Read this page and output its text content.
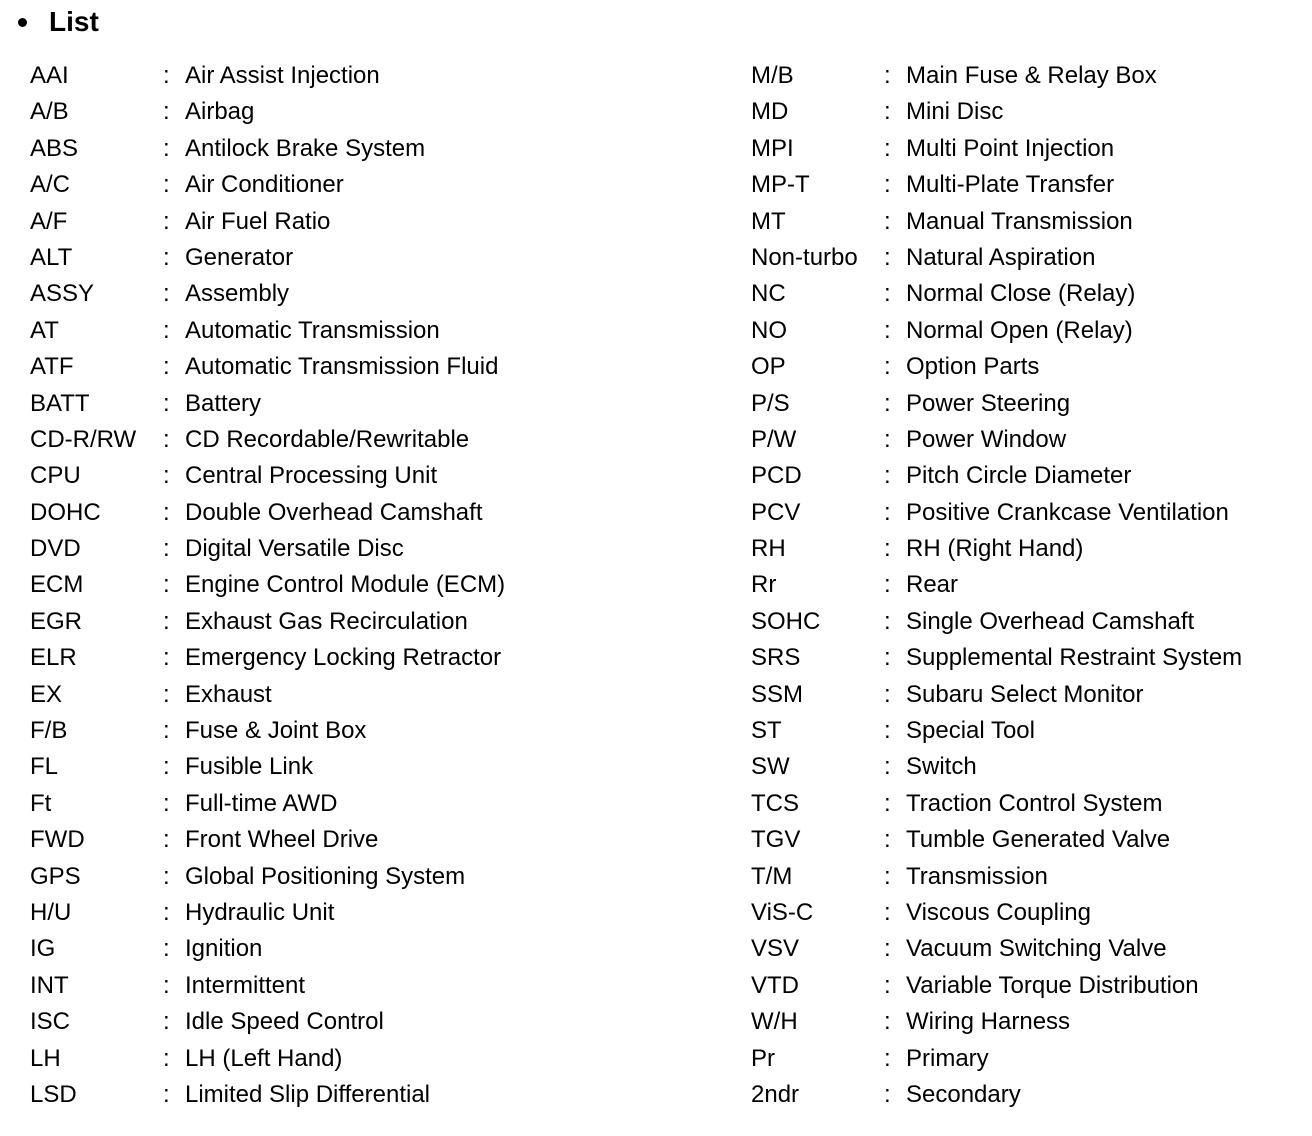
List
AAI	: Air Assist Injection
A/B	: Airbag
ABS	: Antilock Brake System
A/C	: Air Conditioner
A/F	: Air Fuel Ratio
ALT	: Generator
ASSY	: Assembly
AT	: Automatic Transmission
ATF	: Automatic Transmission Fluid
BATT	: Battery
CD-R/RW : CD Recordable/Rewritable
CPU	: Central Processing Unit
DOHC	: Double Overhead Camshaft
DVD	: Digital Versatile Disc
ECM	: Engine Control Module (ECM)
EGR	: Exhaust Gas Recirculation
ELR	: Emergency Locking Retractor
EX	: Exhaust
F/B	: Fuse & Joint Box
FL	: Fusible Link
Ft	: Full-time AWD
FWD	: Front Wheel Drive
GPS	: Global Positioning System
H/U	: Hydraulic Unit
IG	: Ignition
INT	: Intermittent
ISC	: Idle Speed Control
LH	: LH (Left Hand)
LSD	: Limited Slip Differential
M/B	: Main Fuse & Relay Box
MD	: Mini Disc
MPI	: Multi Point Injection
MP-T	: Multi-Plate Transfer
MT	: Manual Transmission
Non-turbo : Natural Aspiration
NC	: Normal Close (Relay)
NO	: Normal Open (Relay)
OP	: Option Parts
P/S	: Power Steering
P/W	: Power Window
PCD	: Pitch Circle Diameter
PCV	: Positive Crankcase Ventilation
RH	: RH (Right Hand)
Rr	: Rear
SOHC	: Single Overhead Camshaft
SRS	: Supplemental Restraint System
SSM	: Subaru Select Monitor
ST	: Special Tool
SW	: Switch
TCS	: Traction Control System
TGV	: Tumble Generated Valve
T/M	: Transmission
ViS-C	: Viscous Coupling
VSV	: Vacuum Switching Valve
VTD	: Variable Torque Distribution
W/H	: Wiring Harness
Pr	: Primary
2ndr	: Secondary
